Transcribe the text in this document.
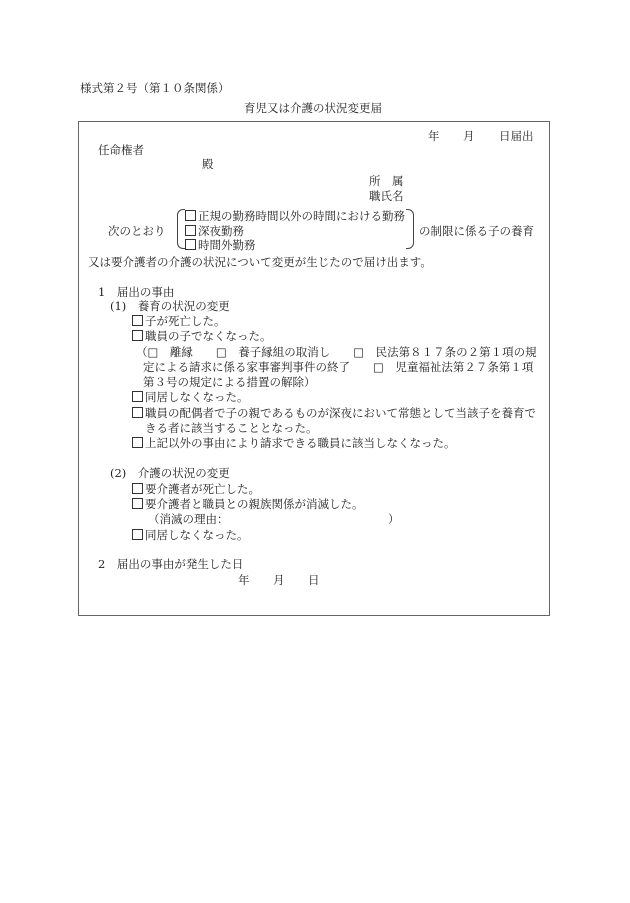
様式第２号（第１０条関係）
育児又は介護の状況変更届
年 月 日届出
任命権者
殿
所　属
職氏名
次のとおり
正規の勤務時間以外の時間における勤務
深夜勤務
時間外勤務
の制限に係る子の養育
又は要介護者の介護の状況について変更が生じたので届け出ます。
1　届出の事由
(1)　養育の状況の変更
子が死亡した。
職員の子でなくなった。
（□　離縁　　□　養子縁組の取消し　　□　民法第８１７条の２第１項の規
定による請求に係る家事審判事件の終了　　□　児童福祉法第２７条第１項
第３号の規定による措置の解除）
同居しなくなった。
職員の配偶者で子の親であるものが深夜において常態として当該子を養育で
きる者に該当することとなった。
上記以外の事由により請求できる職員に該当しなくなった。
(2)　介護の状況の変更
要介護者が死亡した。
要介護者と職員との親族関係が消滅した。
（消滅の理由：	）
同居しなくなった。
2　届出の事由が発生した日
年 月 日
